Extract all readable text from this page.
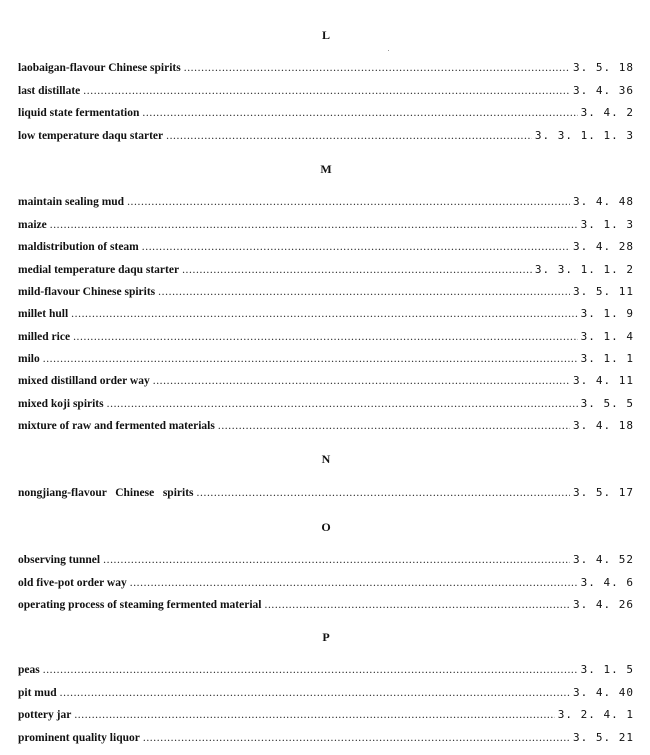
L
laobaigan-flavour Chinese spirits .....	3. 5. 18
last distillate .....	3. 4. 36
liquid state fermentation .....	3. 4. 2
low temperature daqu starter .....	3. 3. 1. 1. 3
M
maintain sealing mud .....	3. 4. 48
maize .....	3. 1. 3
maldistribution of steam .....	3. 4. 28
medial temperature daqu starter .....	3. 3. 1. 1. 2
mild-flavour Chinese spirits .....	3. 5. 11
millet hull .....	3. 1. 9
milled rice .....	3. 1. 4
milo .....	3. 1. 1
mixed distilland order way .....	3. 4. 11
mixed koji spirits .....	3. 5. 5
mixture of raw and fermented materials .....	3. 4. 18
N
nongjiang-flavour   Chinese   spirits .....	3. 5. 17
O
observing tunnel .....	3. 4. 52
old five-pot order way .....	3. 4. 6
operating process of steaming fermented material .....	3. 4. 26
P
peas .....	3. 1. 5
pit mud .....	3. 4. 40
pottery jar .....	3. 2. 4. 1
prominent quality liquor .....	3. 5. 21
